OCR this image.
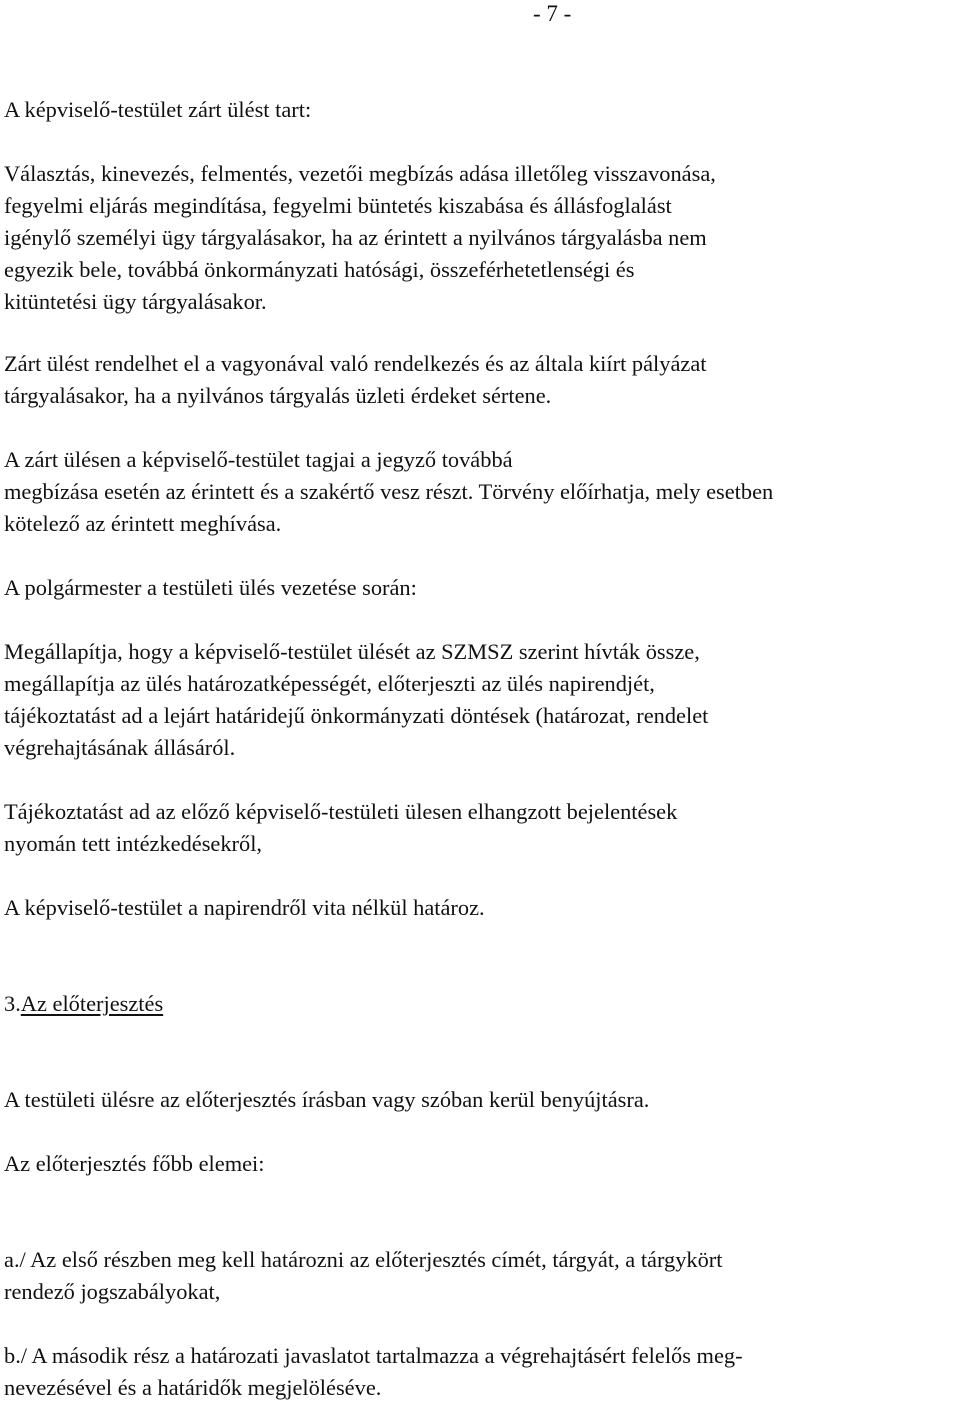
- 7 -

A képviselő-testület zárt ülést tart:

Választás, kinevezés, felmentés, vezetői megbízás adása illetőleg visszavonása,
fegyelmi eljárás megindítása, fegyelmi büntetés kiszabása és állásfoglalást
igénylő személyi ügy tárgyalásakor, ha az érintett a nyilvános tárgyalásba nem
egyezik bele, továbbá önkormányzati hatósági, összeférhetetlenségi és
kitüntetési ügy tárgyalásakor.

Zárt ülést rendelhet el a vagyonával való rendelkezés és az általa kiírt pályázat
tárgyalásakor, ha a nyilvános tárgyalás üzleti érdeket sértene.

A zárt ülésen a képviselő-testület tagjai a jegyző továbbá
megbízása esetén az érintett és a szakértő vesz részt. Törvény előírhatja, mely esetben
kötelező az érintett meghívása.

A polgármester a testületi ülés vezetése során:

Megállapítja, hogy a képviselő-testület ülését az SZMSZ szerint hívták össze,
megállapítja az ülés határozatképességét, előterjeszti az ülés napirendjét,
tájékoztatást ad a lejárt határidejű önkormányzati döntések (határozat, rendelet
végrehajtásának állásáról.

Tájékoztatást ad az előző képviselő-testületi ülesen elhangzott bejelentések
nyomán tett intézkedésekről,

A képviselő-testület a napirendről vita nélkül határoz.

3.Az előterjesztés

A testületi ülésre az előterjesztés írásban vagy szóban kerül benyújtásra.

Az előterjesztés főbb elemei:

a./ Az első részben meg kell határozni az előterjesztés címét, tárgyát, a tárgykört
rendező jogszabályokat,

b./ A második rész a határozati javaslatot tartalmazza a végrehajtásért felelős meg-
nevezésével és a határidők megjelöléséve.
